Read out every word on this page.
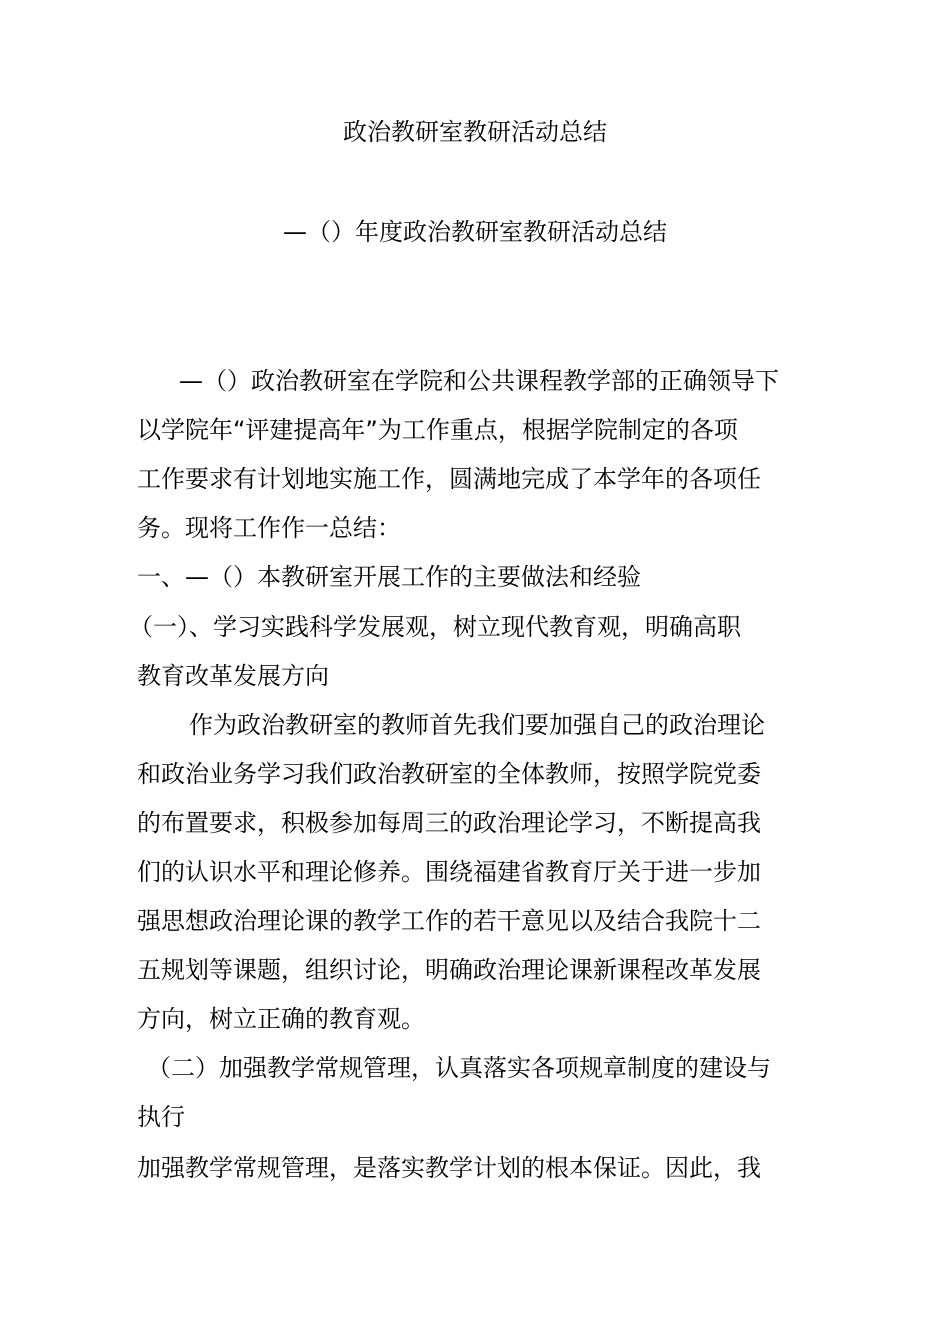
政治教研室教研活动总结
—（）年度政治教研室教研活动总结
—（）政治教研室在学院和公共课程教学部的正确领导下
以学院年“评建提高年”为工作重点，根据学院制定的各项
工作要求有计划地实施工作，圆满地完成了本学年的各项任
务。现将工作作一总结：
一、—（）本教研室开展工作的主要做法和经验
（一）、学习实践科学发展观，树立现代教育观，明确高职
教育改革发展方向
作为政治教研室的教师首先我们要加强自己的政治理论
和政治业务学习我们政治教研室的全体教师，按照学院党委
的布置要求，积极参加每周三的政治理论学习，不断提高我
们的认识水平和理论修养。围绕福建省教育厅关于进一步加
强思想政治理论课的教学工作的若干意见以及结合我院十二
五规划等课题，组织讨论，明确政治理论课新课程改革发展
方向，树立正确的教育观。
（二）加强教学常规管理，认真落实各项规章制度的建设与
执行
加强教学常规管理，是落实教学计划的根本保证。因此，我
